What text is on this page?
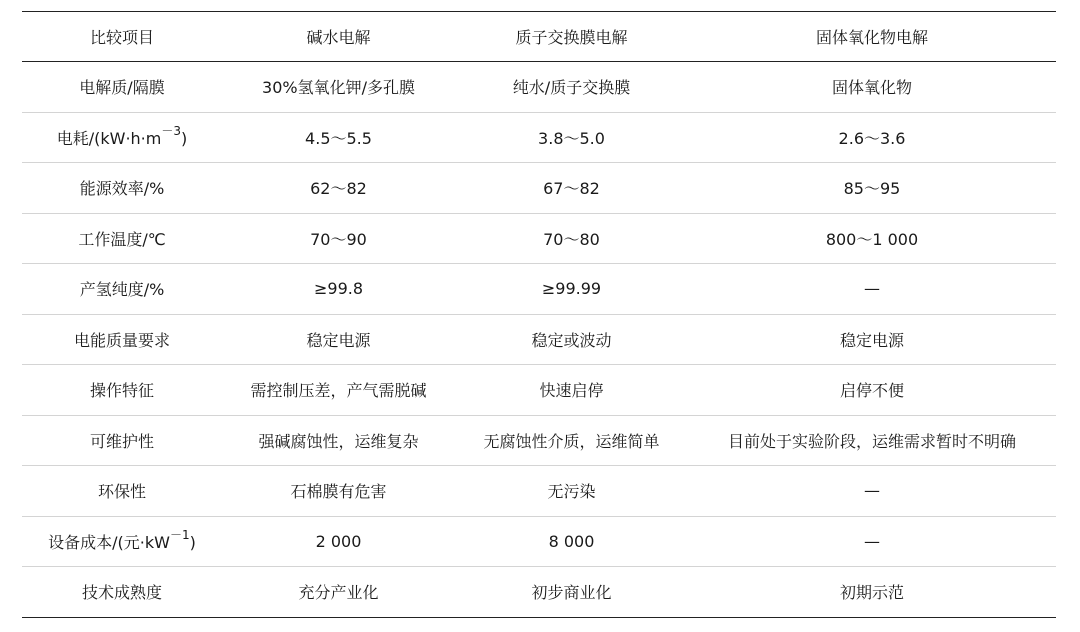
比较项目	碱水电解	质子交换膜电解	固体氧化物电解
电解质/隔膜	30%氢氧化钾/多孔膜	纯水/质子交换膜	固体氧化物
电耗$/(kW\cdot h\cdot m^{-3})$	4.5～5.5	3.8～5.0	2.6～3.6
能源效率/%	62～82	67～82	85～95
工作温度/℃	70～90	70～80	800～1 000
产氢纯度/%	≥99.8	≥99.99	—
电能质量要求	稳定电源	稳定或波动	稳定电源
操作特征	需控制压差，产气需脱碱	快速启停	启停不便
可维护性	强碱腐蚀性，运维复杂	无腐蚀性介质，运维简单	目前处于实验阶段，运维需求暂时不明确
环保性	石棉膜有危害	无污染	—
设备成本/(元$\cdot kW^{-1}$)	2 000	8 000	—
技术成熟度	充分产业化	初步商业化	初期示范
